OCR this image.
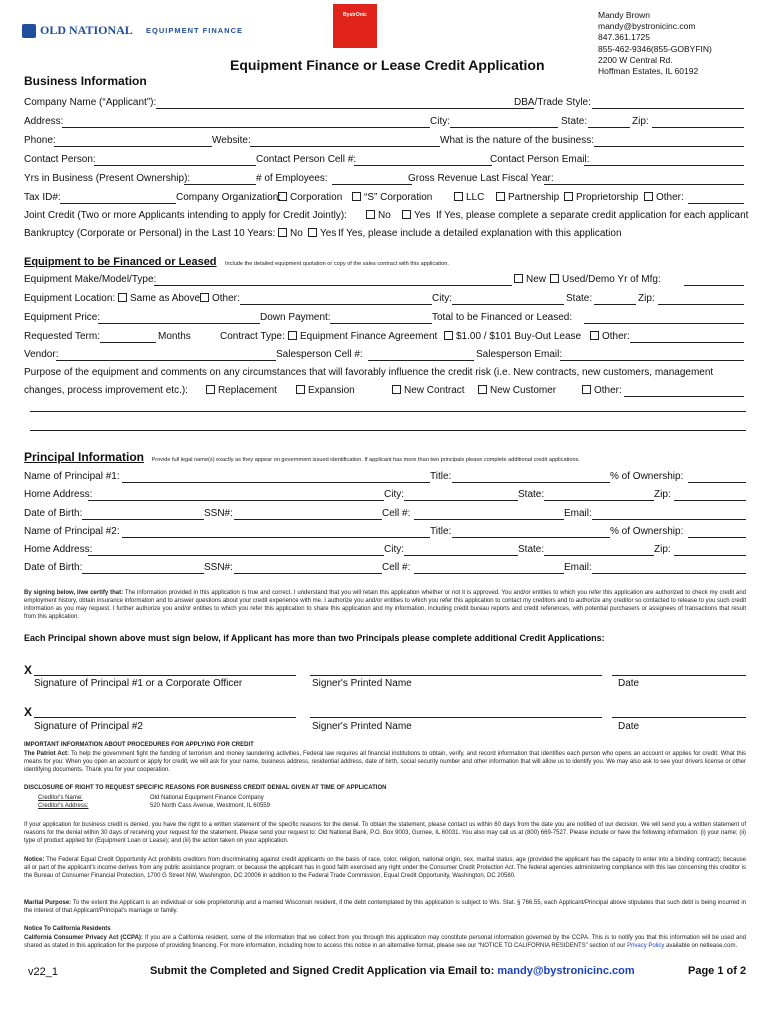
OLD NATIONAL EQUIPMENT FINANCE
BystrOnic	Mandy Brown
mandy@bystronicinc.com
847.361.1725
855-462-9346(855-GOBYFIN)
2200 W Central Rd.
Hoffman Estates, IL 60192
Equipment Finance or Lease Credit Application
Business Information
Company Name (“Applicant”):	DBA/Trade Style:
Address:	City:	State:	Zip:
Phone:	Website:	What is the nature of the business:
Contact Person:	Contact Person Cell #:	Contact Person Email:
Yrs in Business (Present Ownership):	# of Employees:	Gross Revenue Last Fiscal Year:
Tax ID#:	Company Organization: Corporation	“S” Corporation	LLC	Partnership	Proprietorship	Other:
Joint Credit (Two or more Applicants intending to apply for Credit Jointly):	No	Yes If Yes, please complete a separate credit application for each applicant
Bankruptcy (Corporate or Personal) in the Last 10 Years:	No	Yes If Yes, please include a detailed explanation with this application
Equipment to be Financed or Leased Include the detailed equipment quotation or copy of the sales contract with this application.
Equipment Make/Model/Type:	New	Used/Demo Yr of Mfg:
Equipment Location:	Same as Above	Other:	City:	State:	Zip:
Equipment Price:	Down Payment:	Total to be Financed or Leased:
Requested Term:	Months	Contract Type:	Equipment Finance Agreement	$1.00 / $101 Buy-Out Lease	Other:
Vendor:	Salesperson Cell #:	Salesperson Email:
Purpose of the equipment and comments on any circumstances that will favorably influence the credit risk (i.e. New contracts, new customers, management
changes, process improvement etc.):	Replacement	Expansion	New Contract	New Customer	Other:
Principal Information Provide full legal name(s) exactly as they appear on government issued identification. If applicant has more than two principals please complete additional credit applications.
Name of Principal #1:	Title:	% of Ownership:
Home Address:	City:	State:	Zip:
Date of Birth:	SSN#:	Cell #:	Email:
Name of Principal #2:	Title:	% of Ownership:
Home Address:	City:	State:	Zip:
Date of Birth:	SSN#:	Cell #:	Email:
By signing below, I/we certify that: The information provided in this application is true and correct. I understand that you will retain this application whether or not it is approved. You and/or entities to which you refer this application are authorized to check my credit and employment history, obtain insurance information and to answer questions about your credit experience with me. I authorize you and/or entities to which you refer this application to contact my creditors and to authorize any creditor so contacted to release to you such credit information as you may request. I further authorize you and/or entities to which you refer this application to share this application and my information, including credit bureau reports and credit references, with potential purchasers or assignees of transactions that result from this application.
Each Principal shown above must sign below, if Applicant has more than two Principals please complete additional Credit Applications:
X
Signature of Principal #1 or a Corporate Officer	Signer's Printed Name	Date
X
Signature of Principal #2	Signer's Printed Name	Date
IMPORTANT INFORMATION ABOUT PROCEDURES FOR APPLYING FOR CREDIT
The Patriot Act: To help the government fight the funding of terrorism and money laundering activities, Federal law requires all financial institutions to obtain, verify, and record information that identifies each person who opens an account or applies for credit. What this means for you: When you open an account or apply for credit, we will ask for your name, business address, residential address, date of birth, social security number and other information that will allow us to identify you. We may also ask to see your drivers license or other identifying documents. Thank you for your cooperation.
DISCLOSURE OF RIGHT TO REQUEST SPECIFIC REASONS FOR BUSINESS CREDIT DENIAL GIVEN AT TIME OF APPLICATION
Creditor's Name:	Old National Equipment Finance Company
Creditor's Address:	520 North Cass Avenue, Westmont, IL 60559
If your application for business credit is denied, you have the right to a written statement of the specific reasons for the denial. To obtain the statement, please contact us within 60 days from the date you are notified of our decision. We will send you a written statement of reasons for the denial within 30 days of receiving your request for the statement. Please send your request to: Old National Bank, P.O. Box 9003, Gurnee, IL 60031. You also may call us at (800) 669-7527. Please include or have the following information: (i) your name; (ii) type of product applied for (Equipment Loan or Lease); and (iii) the action taken on your application.
Notice: The Federal Equal Credit Opportunity Act prohibits creditors from discriminating against credit applicants on the basis of race, color, religion, national origin, sex, marital status, age (provided the applicant has the capacity to enter into a binding contract); because all or part of the applicant's income derives from any public assistance program; or because the applicant has in good faith exercised any right under the Consumer Credit Protection Act. The federal agencies administering compliance with this law concerning this creditor is the Bureau of Consumer Financial Protection, 1700 G Street NW, Washington, DC 20006 in addition to the Federal Trade Commission, Equal Credit Opportunity, Washington, DC 20580.
Marital Purpose: To the extent the Applicant is an individual or sole proprietorship and a married Wisconsin resident, if the debt contemplated by this application is subject to Wis. Stat. § 766.55, each Applicant/Principal above stipulates that such debt is being incurred in the interest of that Applicant/Principal's marriage or family.
Notice To California Residents
California Consumer Privacy Act (CCPA): If you are a California resident, some of the information that we collect from you through this application may constitute personal information governed by the CCPA. This is to notify you that this information will be used and shared as stated in this application for the purpose of providing financing. For more information, including how to access this notice in an alternative format, please see our “NOTICE TO CALIFORNIA RESIDENTS” section of our Privacy Policy available on netlease.com.
v22_1	Submit the Completed and Signed Credit Application via Email to: mandy@bystronicinc.com	Page 1 of 2
